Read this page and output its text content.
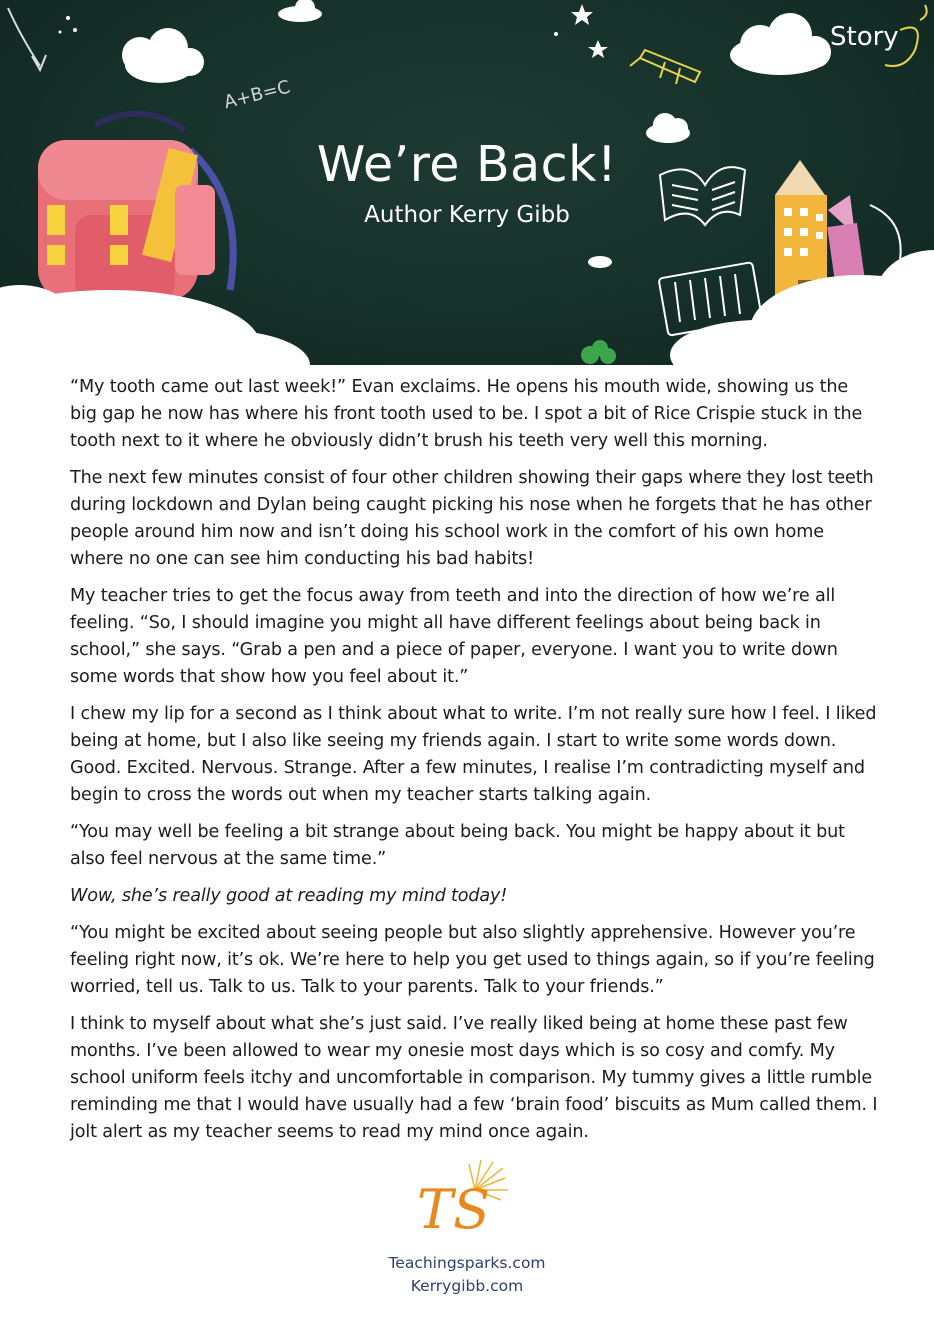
A+B=C
Story
We’re Back!
Author Kerry Gibb

“My tooth came out last week!” Evan exclaims. He opens his mouth wide, showing us the big gap he now has where his front tooth used to be. I spot a bit of Rice Crispie stuck in the tooth next to it where he obviously didn’t brush his teeth very well this morning.

The next few minutes consist of four other children showing their gaps where they lost teeth during lockdown and Dylan being caught picking his nose when he forgets that he has other people around him now and isn’t doing his school work in the comfort of his own home where no one can see him conducting his bad habits!

My teacher tries to get the focus away from teeth and into the direction of how we’re all feeling. “So, I should imagine you might all have different feelings about being back in school,” she says. “Grab a pen and a piece of paper, everyone. I want you to write down some words that show how you feel about it.”

I chew my lip for a second as I think about what to write. I’m not really sure how I feel. I liked being at home, but I also like seeing my friends again. I start to write some words down. Good. Excited. Nervous. Strange. After a few minutes, I realise I’m contradicting myself and begin to cross the words out when my teacher starts talking again.

“You may well be feeling a bit strange about being back. You might be happy about it but also feel nervous at the same time.”

Wow, she’s really good at reading my mind today!

“You might be excited about seeing people but also slightly apprehensive. However you’re feeling right now, it’s ok. We’re here to help you get used to things again, so if you’re feeling worried, tell us. Talk to us. Talk to your parents. Talk to your friends.”

I think to myself about what she’s just said. I’ve really liked being at home these past few months. I’ve been allowed to wear my onesie most days which is so cosy and comfy. My school uniform feels itchy and uncomfortable in comparison. My tummy gives a little rumble reminding me that I would have usually had a few ‘brain food’ biscuits as Mum called them. I jolt alert as my teacher seems to read my mind once again.

TS
Teachingsparks.com
Kerrygibb.com
